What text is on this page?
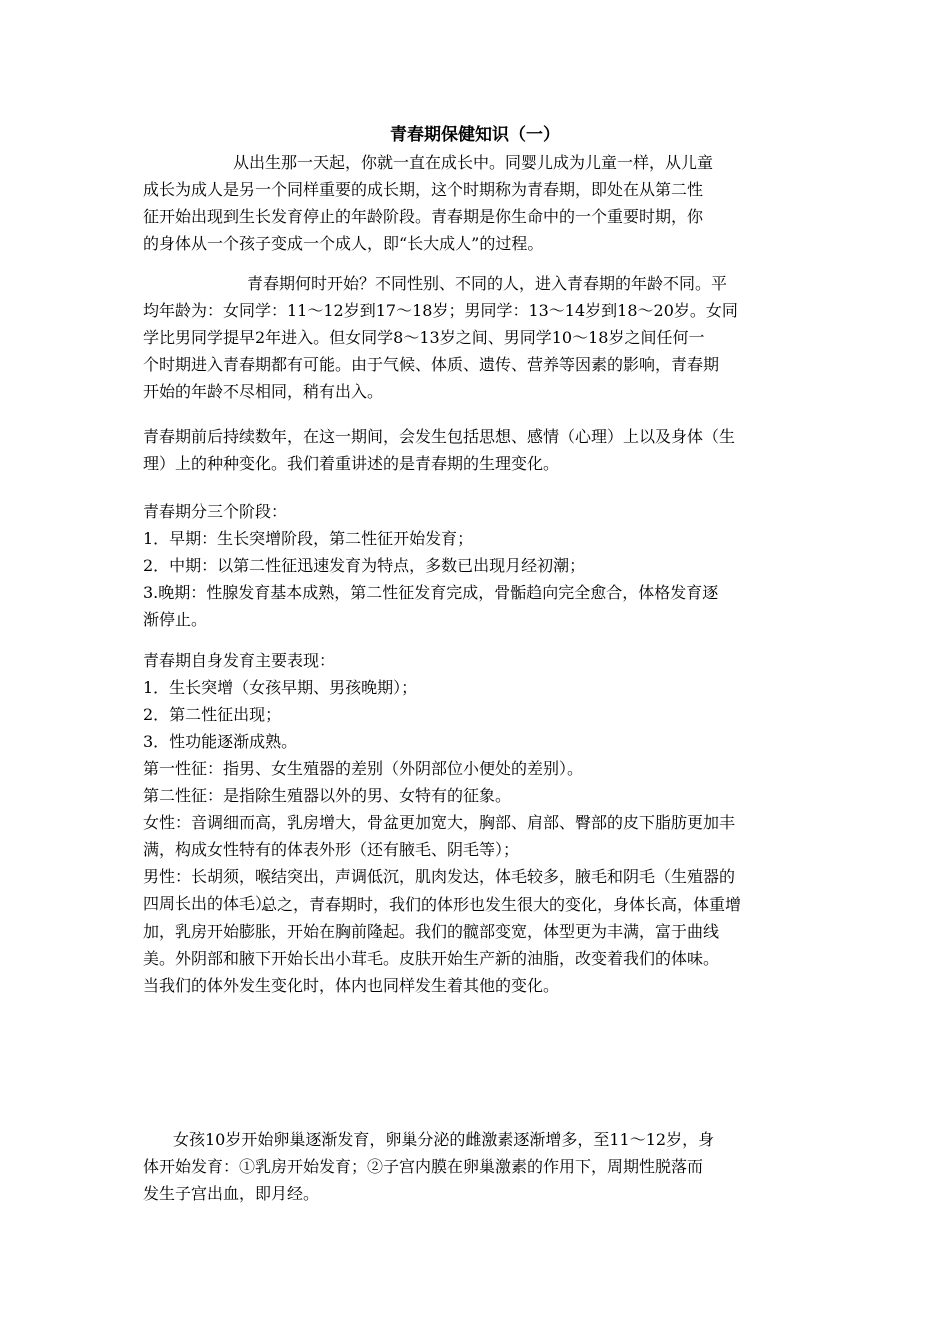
青春期保健知识（一）
从出生那一天起，你就一直在成长中。同婴儿成为儿童一样，从儿童
成长为成人是另一个同样重要的成长期，这个时期称为青春期，即处在从第二性
征开始出现到生长发育停止的年龄阶段。青春期是你生命中的一个重要时期，你
的身体从一个孩子变成一个成人，即“长大成人”的过程。
青春期何时开始？不同性别、不同的人，进入青春期的年龄不同。平
均年龄为：女同学：11～12岁到17～18岁；男同学：13～14岁到18～20岁。女同
学比男同学提早2年进入。但女同学8～13岁之间、男同学10～18岁之间任何一
个时期进入青春期都有可能。由于气候、体质、遗传、营养等因素的影响，青春期
开始的年龄不尽相同，稍有出入。
青春期前后持续数年，在这一期间，会发生包括思想、感情（心理）上以及身体（生
理）上的种种变化。我们着重讲述的是青春期的生理变化。
青春期分三个阶段：
1．早期：生长突增阶段，第二性征开始发育；
2．中期：以第二性征迅速发育为特点，多数已出现月经初潮；
3.晚期：性腺发育基本成熟，第二性征发育完成，骨骺趋向完全愈合，体格发育逐
渐停止。
青春期自身发育主要表现：
1．生长突增（女孩早期、男孩晚期）；
2．第二性征出现；
3．性功能逐渐成熟。
第一性征：指男、女生殖器的差别（外阴部位小便处的差别）。
第二性征：是指除生殖器以外的男、女特有的征象。
女性：音调细而高，乳房增大，骨盆更加宽大，胸部、肩部、臀部的皮下脂肪更加丰
满，构成女性特有的体表外形（还有腋毛、阴毛等）；
男性：长胡须，喉结突出，声调低沉，肌肉发达，体毛较多，腋毛和阴毛（生殖器的
四周长出的体毛）。
总之，青春期时，我们的体形也发生很大的变化，身体长高，体重增
加，乳房开始膨胀，开始在胸前隆起。我们的髋部变宽，体型更为丰满，富于曲线
美。外阴部和腋下开始长出小茸毛。皮肤开始生产新的油脂，改变着我们的体味。
当我们的体外发生变化时，体内也同样发生着其他的变化。
女孩10岁开始卵巢逐渐发育，卵巢分泌的雌激素逐渐增多，至11～12岁，身
体开始发育：①乳房开始发育；②子宫内膜在卵巢激素的作用下，周期性脱落而
发生子宫出血，即月经。
